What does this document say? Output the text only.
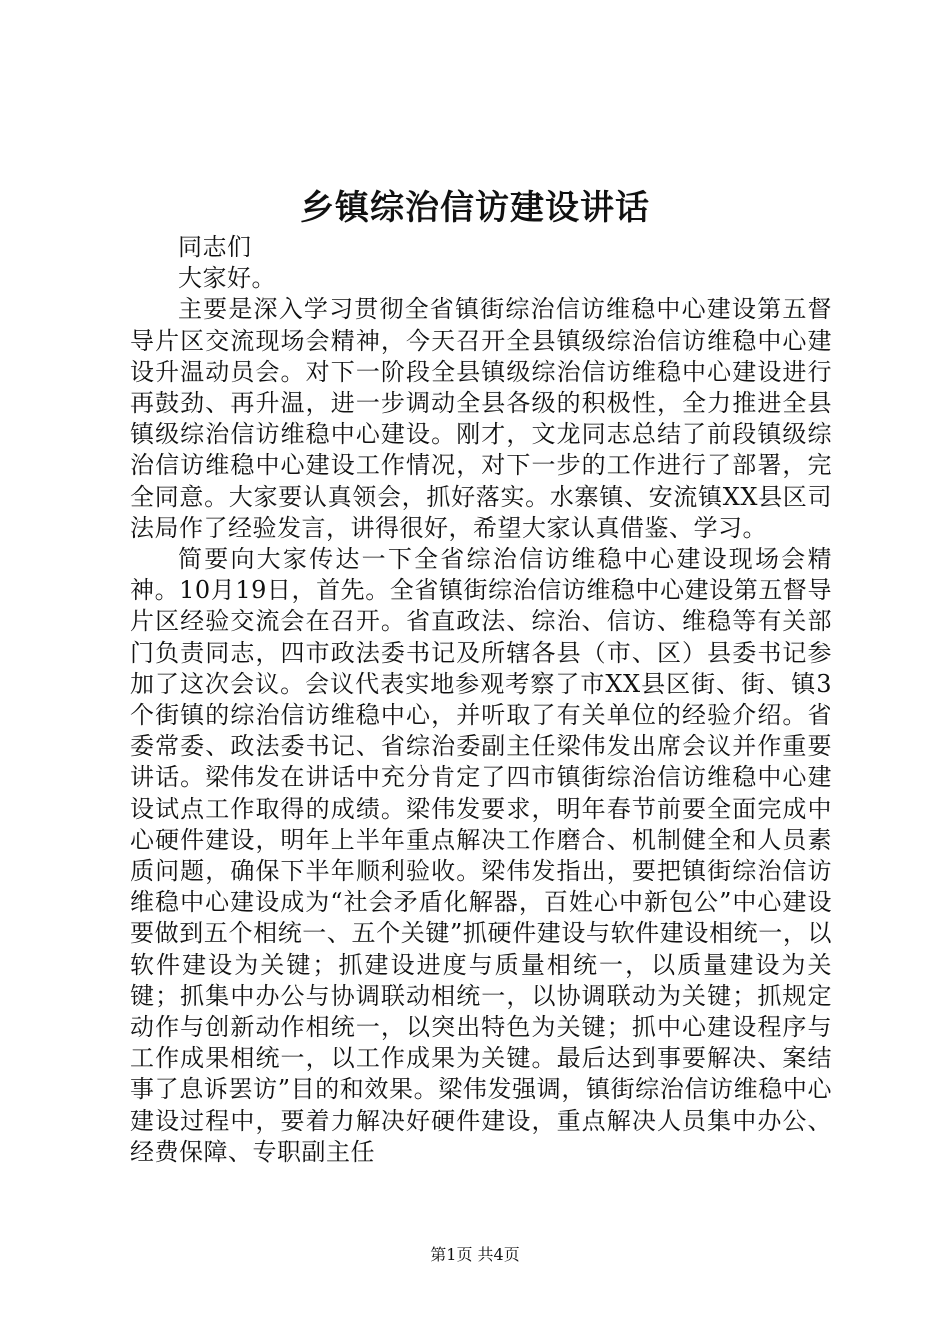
乡镇综治信访建设讲话

同志们

大家好。

主要是深入学习贯彻全省镇街综治信访维稳中心建设第五督导片区交流现场会精神，今天召开全县镇级综治信访维稳中心建设升温动员会。对下一阶段全县镇级综治信访维稳中心建设进行再鼓劲、再升温，进一步调动全县各级的积极性，全力推进全县镇级综治信访维稳中心建设。刚才，文龙同志总结了前段镇级综治信访维稳中心建设工作情况，对下一步的工作进行了部署，完全同意。大家要认真领会，抓好落实。水寨镇、安流镇XX县区司法局作了经验发言，讲得很好，希望大家认真借鉴、学习。

简要向大家传达一下全省综治信访维稳中心建设现场会精神。10月19日，首先。全省镇街综治信访维稳中心建设第五督导片区经验交流会在召开。省直政法、综治、信访、维稳等有关部门负责同志，四市政法委书记及所辖各县（市、区）县委书记参加了这次会议。会议代表实地参观考察了市XX县区街、街、镇3个街镇的综治信访维稳中心，并听取了有关单位的经验介绍。省委常委、政法委书记、省综治委副主任梁伟发出席会议并作重要讲话。梁伟发在讲话中充分肯定了四市镇街综治信访维稳中心建设试点工作取得的成绩。梁伟发要求，明年春节前要全面完成中心硬件建设，明年上半年重点解决工作磨合、机制健全和人员素质问题，确保下半年顺利验收。梁伟发指出，要把镇街综治信访维稳中心建设成为“社会矛盾化解器，百姓心中新包公”中心建设要做到五个相统一、五个关键”抓硬件建设与软件建设相统一，以软件建设为关键；抓建设进度与质量相统一，以质量建设为关键；抓集中办公与协调联动相统一，以协调联动为关键；抓规定动作与创新动作相统一，以突出特色为关键；抓中心建设程序与工作成果相统一，以工作成果为关键。最后达到事要解决、案结事了息诉罢访”目的和效果。梁伟发强调，镇街综治信访维稳中心建设过程中，要着力解决好硬件建设，重点解决人员集中办公、经费保障、专职副主任

第1页 共4页
